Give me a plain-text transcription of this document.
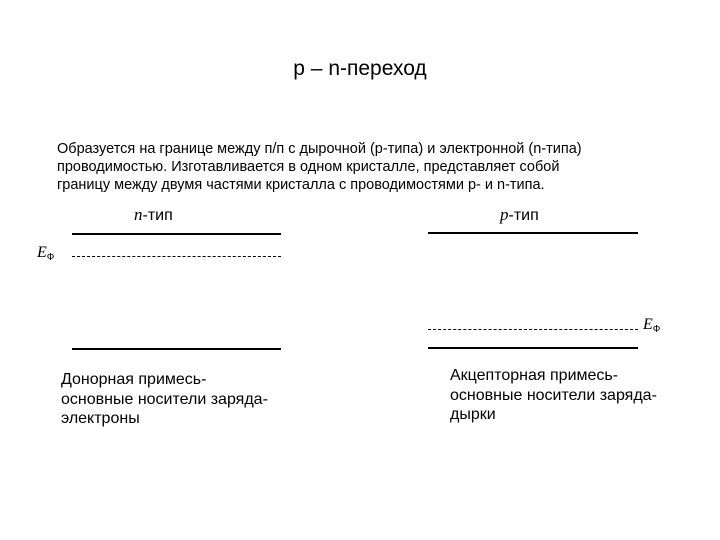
p – n-переход
Образуется на границе между п/п с дырочной (p-типа) и электронной (n-типа)
проводимостью. Изготавливается в одном кристалле, представляет собой
границу между двумя частями кристалла с проводимостями p- и n-типа.
n-тип
$E_Ф$
Донорная примесь-
основные носители заряда-
электроны
p-тип
$E_Ф$
Акцепторная примесь-
основные носители заряда-
дырки
